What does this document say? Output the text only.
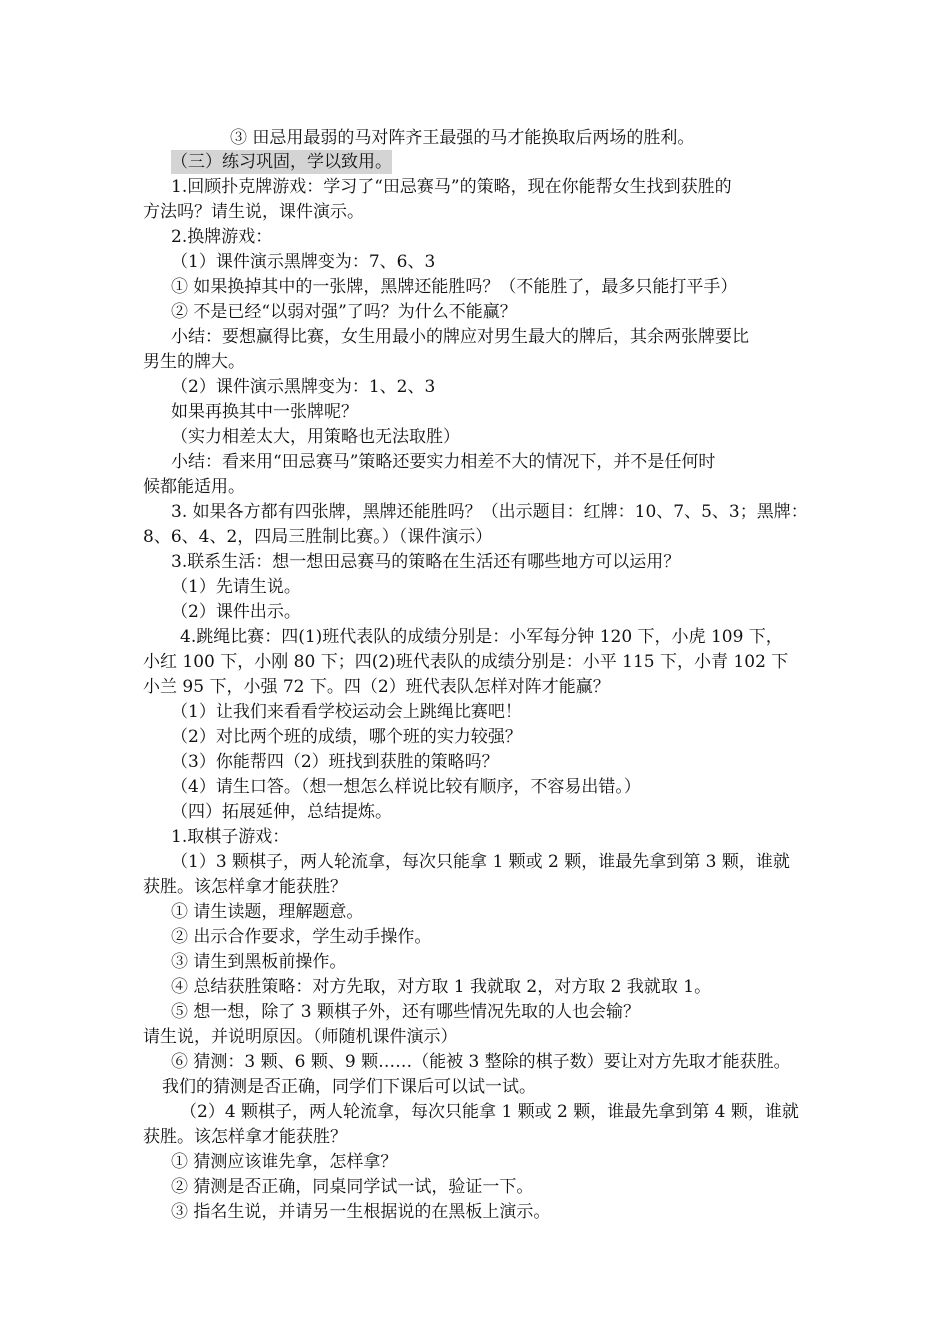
③ 田忌用最弱的马对阵齐王最强的马才能换取后两场的胜利。
（三）练习巩固，学以致用。
1.回顾扑克牌游戏：学习了“田忌赛马”的策略，现在你能帮女生找到获胜的
方法吗？请生说，课件演示。
2.换牌游戏：
（1）课件演示黑牌变为：7、6、3
① 如果换掉其中的一张牌，黑牌还能胜吗？（不能胜了，最多只能打平手）
② 不是已经“以弱对强”了吗？为什么不能赢？
小结：要想赢得比赛，女生用最小的牌应对男生最大的牌后，其余两张牌要比
男生的牌大。
（2）课件演示黑牌变为：1、2、3
如果再换其中一张牌呢？
（实力相差太大，用策略也无法取胜）
小结：看来用“田忌赛马”策略还要实力相差不大的情况下，并不是任何时
候都能适用。
3. 如果各方都有四张牌，黑牌还能胜吗？（出示题目：红牌：10、7、5、3；黑牌：
8、6、4、2，四局三胜制比赛。）（课件演示）
3.联系生活：想一想田忌赛马的策略在生活还有哪些地方可以运用？
（1）先请生说。
（2）课件出示。
4.跳绳比赛：四(1)班代表队的成绩分别是：小军每分钟 120 下，小虎 109 下，
小红 100 下，小刚 80 下；四(2)班代表队的成绩分别是：小平 115 下，小青 102 下
小兰 95 下，小强 72 下。四（2）班代表队怎样对阵才能赢？
（1）让我们来看看学校运动会上跳绳比赛吧！
（2）对比两个班的成绩，哪个班的实力较强？
（3）你能帮四（2）班找到获胜的策略吗？
（4）请生口答。（想一想怎么样说比较有顺序，不容易出错。）
（四）拓展延伸，总结提炼。
1.取棋子游戏：
（1）3 颗棋子，两人轮流拿，每次只能拿 1 颗或 2 颗，谁最先拿到第 3 颗，谁就
获胜。该怎样拿才能获胜？
① 请生读题，理解题意。
② 出示合作要求，学生动手操作。
③ 请生到黑板前操作。
④ 总结获胜策略：对方先取，对方取 1 我就取 2，对方取 2 我就取 1。
⑤ 想一想，除了 3 颗棋子外，还有哪些情况先取的人也会输？
请生说，并说明原因。（师随机课件演示）
⑥ 猜测：3 颗、6 颗、9 颗……（能被 3 整除的棋子数）要让对方先取才能获胜。
我们的猜测是否正确，同学们下课后可以试一试。
（2）4 颗棋子，两人轮流拿，每次只能拿 1 颗或 2 颗，谁最先拿到第 4 颗，谁就
获胜。该怎样拿才能获胜？
① 猜测应该谁先拿，怎样拿？
② 猜测是否正确，同桌同学试一试，验证一下。
③ 指名生说，并请另一生根据说的在黑板上演示。
